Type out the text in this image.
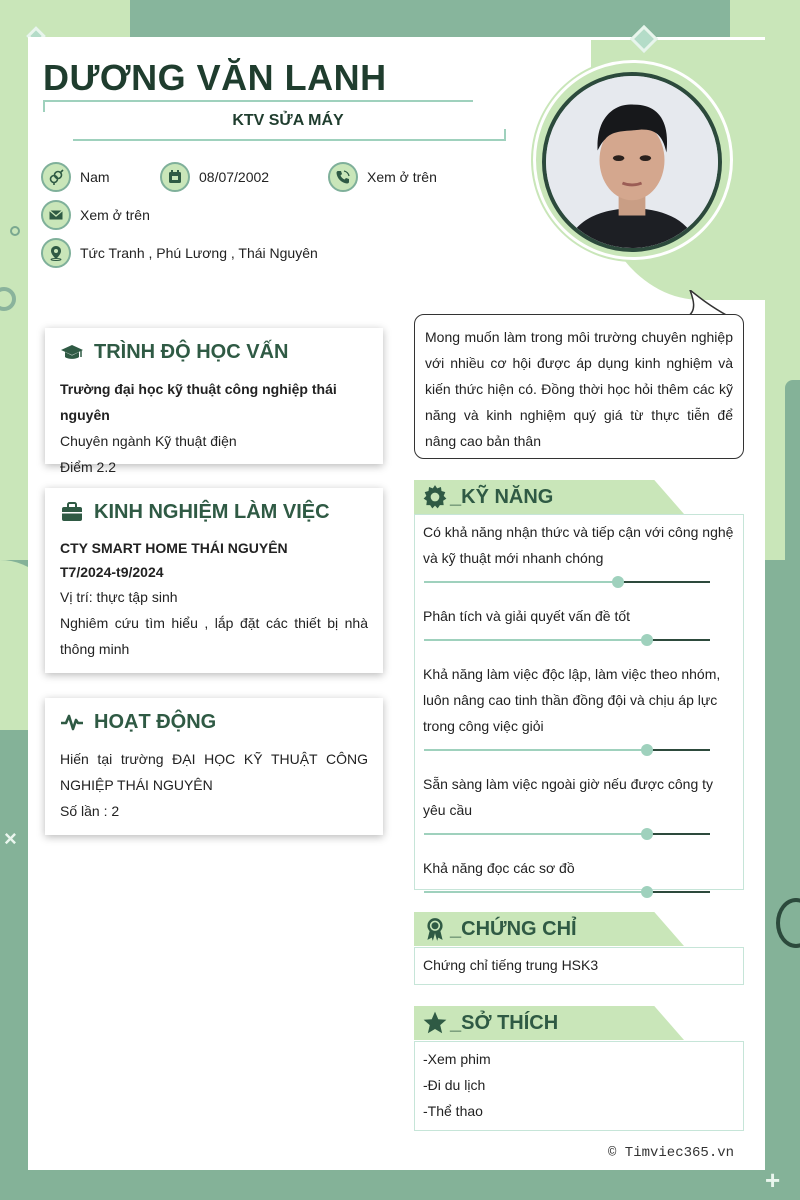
×
+
DƯƠNG VĂN LANH
KTV SỬA MÁY
Nam	08/07/2002	Xem ở trên
Xem ở trên
Tức Tranh , Phú Lương , Thái Nguyên
TRÌNH ĐỘ HỌC VẤN

Trường đại học kỹ thuật công nghiệp thái nguyên

Chuyên ngành Kỹ thuật điện

Điểm 2.2

KINH NGHIỆM LÀM VIỆC

CTY SMART HOME THÁI NGUYÊN

T7/2024-t9/2024

Vị trí: thực tập sinh

Nghiêm cứu tìm hiểu , lắp đặt các thiết bị nhà thông minh

HOẠT ĐỘNG

Hiến tại trường ĐẠI HỌC KỸ THUẬT CÔNG NGHIỆP THÁI NGUYÊN

Số lần : 2

Mong muốn làm trong môi trường chuyên nghiệp với nhiều cơ hội được áp dụng kinh nghiệm và kiến thức hiện có. Đồng thời học hỏi thêm các kỹ năng và kinh nghiệm quý giá từ thực tiễn để nâng cao bản thân
_KỸ NĂNG
Có khả năng nhận thức và tiếp cận với công nghệ và kỹ thuật mới nhanh chóng
Phân tích và giải quyết vấn đề tốt
Khả năng làm việc độc lập, làm việc theo nhóm, luôn nâng cao tinh thần đồng đội và chịu áp lực trong công việc giỏi
Sẵn sàng làm việc ngoài giờ nếu được công ty yêu cầu
Khả năng đọc các sơ đồ
_CHỨNG CHỈ
Chứng chỉ tiếng trung HSK3
_SỞ THÍCH
-Xem phim
-Đi du lịch
-Thể thao
© Timviec365.vn
